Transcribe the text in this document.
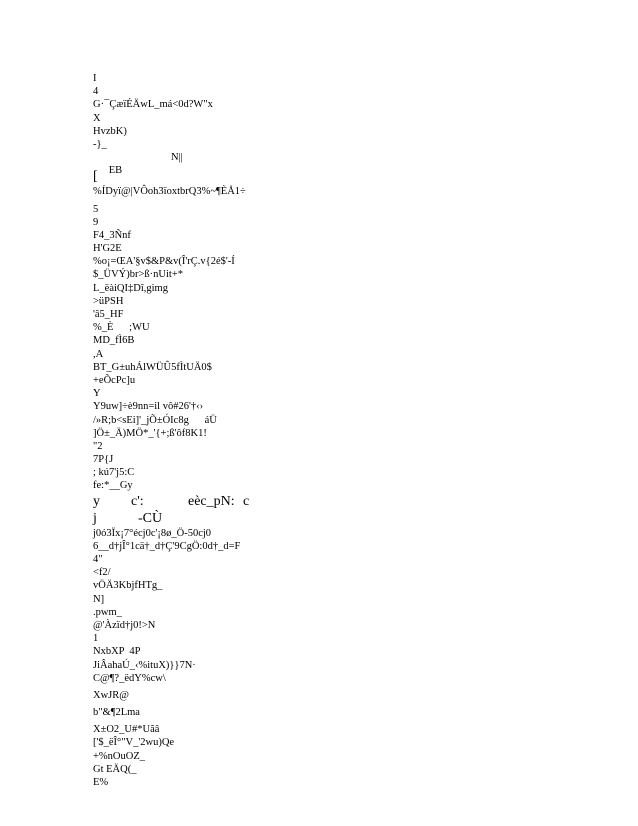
I
4
G·¯ÇæïÉÄwL_má<0d?W"x
X
HvzbK)
-}_

EB

N||

[
%ÍDyï@|VÔoh3ïoxtbrQ3%~¶ÈÅ1÷
5
9
F4_3Ñnf
H'G2E
%o¡=ŒA'§v$&P&v(Î'rÇ.v{2é$'-Í
$_ÜVÝ)br>ß·nUit+*
L_ëàiQI‡Dî,gimg
>üPSH
'â5_HF
%_È      ;WU
MD_fÌ6B
,A
BT_G±uhÁlWÜÛ5fÌtUÄ0$
+eÕcPc]u
Y
Y9uw]÷è9nn=il vô#26'†‹›
/»R;b<sEi]'_jÕ±ÓIc8g      áÜ
]Ö±_Ä)MÖ*_'{+;ß'ôf8K1!
"2
7P{J
; kú7'j5:C
fe:*__Gy
y c':	eèc_pN: c
j	-CÙ
j0ó3Ïx¡7°écj0c'¡8ø_Ö-50cj0
6__d†jÎ°1cä†_d†Ç'9CgÖ:0d†_d=F
4"
<f2/
vÖÄ3KbjfHTg_
N]
.pwm_
@'Àzïd†j0!>N
1
NxbXP  4P
JiÂahaÚ_‹%ituX)}}7N·
C@¶?_ëdY%cw\
XwJR@
b"&¶2Lma
X±O2_U#*Uãâ
['$_ëÎ°"V_'2wu)Qe
+%nOuOZ_
Gt EÄQ(_
E%
